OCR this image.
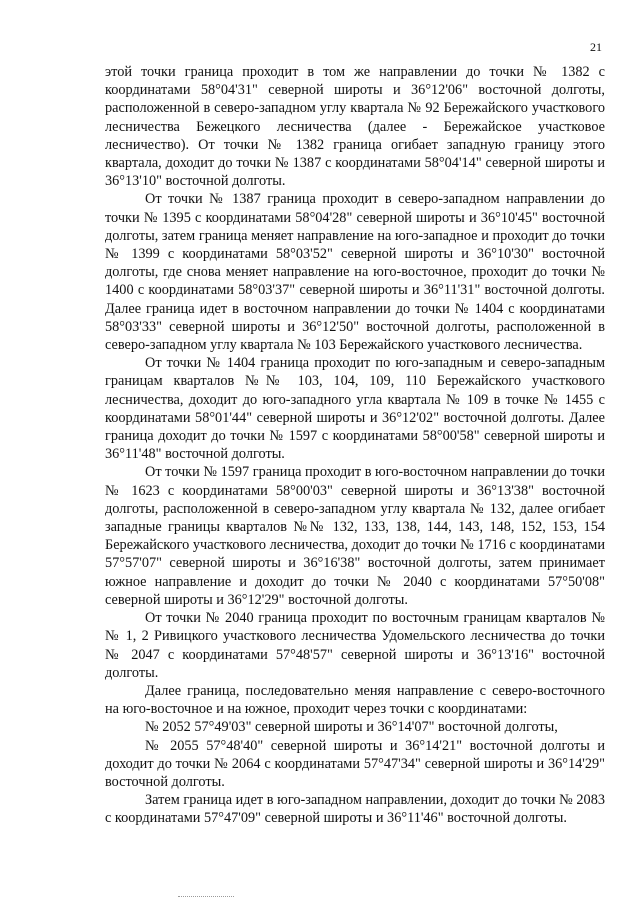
21

этой точки граница проходит в том же направлении до точки № 1382 с координатами 58°04'31" северной широты и 36°12'06" восточной долготы, расположенной в северо-западном углу квартала № 92 Бережайского участкового лесничества Бежецкого лесничества (далее - Бережайское участковое лесничество). От точки № 1382 граница огибает западную границу этого квартала, доходит до точки № 1387 с координатами 58°04'14" северной широты и 36°13'10" восточной долготы.

От точки № 1387 граница проходит в северо-западном направлении до точки № 1395 с координатами 58°04'28" северной широты и 36°10'45" восточной долготы, затем граница меняет направление на юго-западное и проходит до точки № 1399 с координатами 58°03'52" северной широты и 36°10'30" восточной долготы, где снова меняет направление на юго-восточное, проходит до точки № 1400 с координатами 58°03'37" северной широты и 36°11'31" восточной долготы. Далее граница идет в восточном направлении до точки № 1404 с координатами 58°03'33" северной широты и 36°12'50" восточной долготы, расположенной в северо-западном углу квартала № 103 Бережайского участкового лесничества.

От точки № 1404 граница проходит по юго-западным и северо-западным границам кварталов №№ 103, 104, 109, 110 Бережайского участкового лесничества, доходит до юго-западного угла квартала № 109 в точке № 1455 с координатами 58°01'44" северной широты и 36°12'02" восточной долготы. Далее граница доходит до точки № 1597 с координатами 58°00'58" северной широты и 36°11'48" восточной долготы.

От точки № 1597 граница проходит в юго-восточном направлении до точки № 1623 с координатами 58°00'03" северной широты и 36°13'38" восточной долготы, расположенной в северо-западном углу квартала № 132, далее огибает западные границы кварталов №№ 132, 133, 138, 144, 143, 148, 152, 153, 154 Бережайского участкового лесничества, доходит до точки № 1716 с координатами 57°57'07" северной широты и 36°16'38" восточной долготы, затем принимает южное направление и доходит до точки № 2040 с координатами 57°50'08" северной широты и 36°12'29" восточной долготы.

От точки № 2040 граница проходит по восточным границам кварталов №№ 1, 2 Ривицкого участкового лесничества Удомельского лесничества до точки № 2047 с координатами 57°48'57" северной широты и 36°13'16" восточной долготы.

Далее граница, последовательно меняя направление с северо-восточного на юго-восточное и на южное, проходит через точки с координатами:

№ 2052 57°49'03" северной широты и 36°14'07" восточной долготы,

№ 2055 57°48'40" северной широты и 36°14'21" восточной долготы и доходит до точки № 2064 с координатами 57°47'34" северной широты и 36°14'29" восточной долготы.

Затем граница идет в юго-западном направлении, доходит до точки № 2083 с координатами 57°47'09" северной широты и 36°11'46" восточной долготы.
